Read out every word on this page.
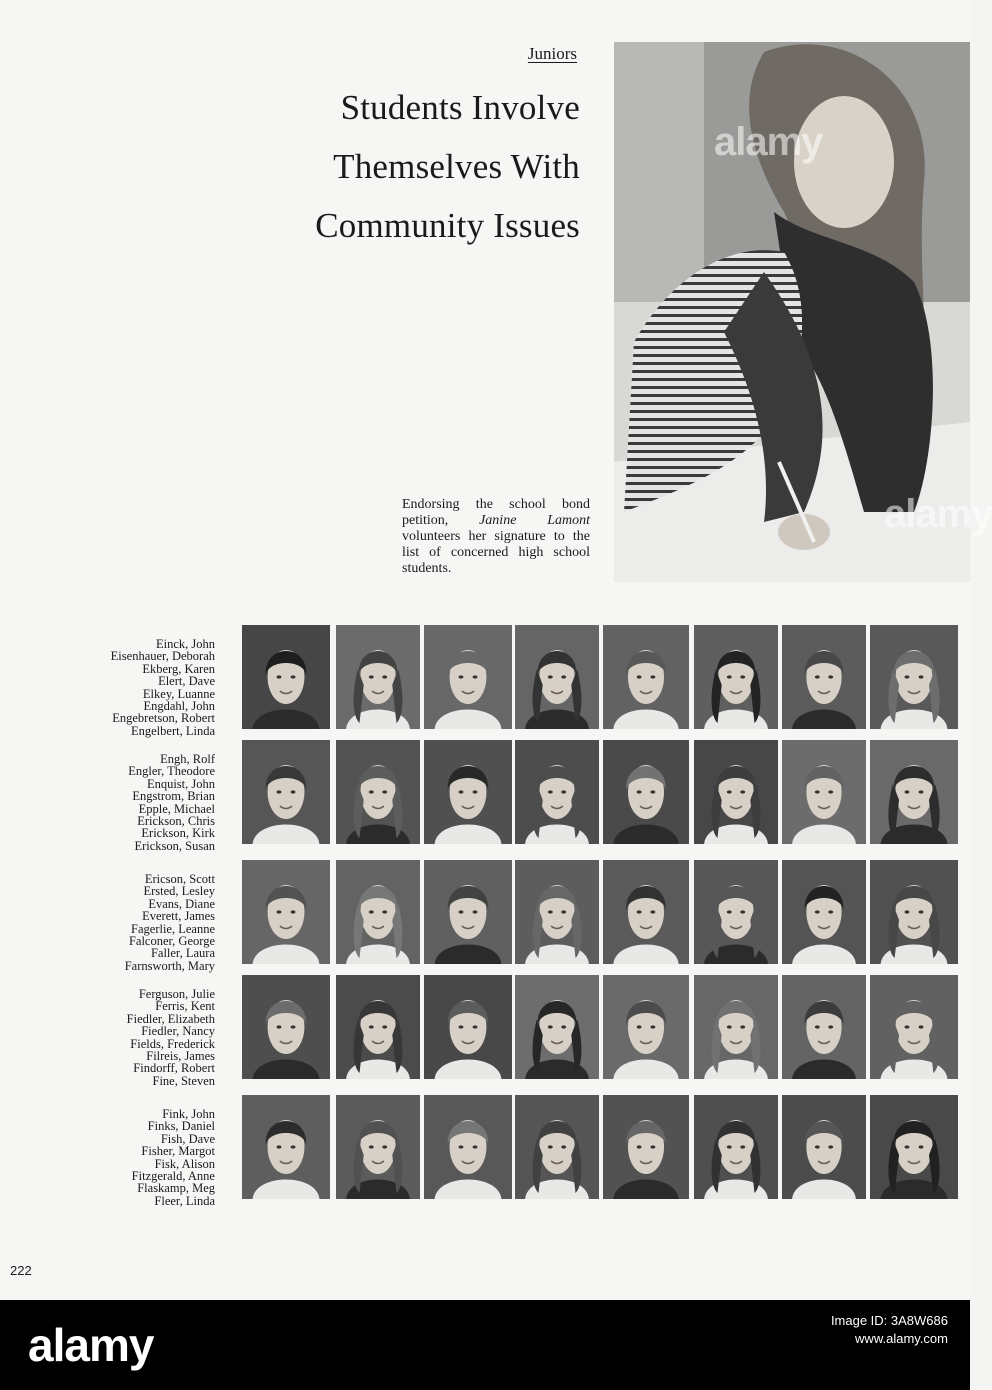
Juniors
Students Involve
Themselves With
Community Issues
alamy
alamy
Endorsing the school bond petition, Janine Lamont volunteers her signature to the list of concerned high school students.
Einck, John
Eisenhauer, Deborah
Ekberg, Karen
Elert, Dave
Elkey, Luanne
Engdahl, John
Engebretson, Robert
Engelbert, Linda
Engh, Rolf
Engler, Theodore
Enquist, John
Engstrom, Brian
Epple, Michael
Erickson, Chris
Erickson, Kirk
Erickson, Susan
Ericson, Scott
Ersted, Lesley
Evans, Diane
Everett, James
Fagerlie, Leanne
Falconer, George
Faller, Laura
Farnsworth, Mary
Ferguson, Julie
Ferris, Kent
Fiedler, Elizabeth
Fiedler, Nancy
Fields, Frederick
Filreis, James
Findorff, Robert
Fine, Steven
Fink, John
Finks, Daniel
Fish, Dave
Fisher, Margot
Fisk, Alison
Fitzgerald, Anne
Flaskamp, Meg
Fleer, Linda
222
alamy	Image ID: 3A8W686
www.alamy.com
